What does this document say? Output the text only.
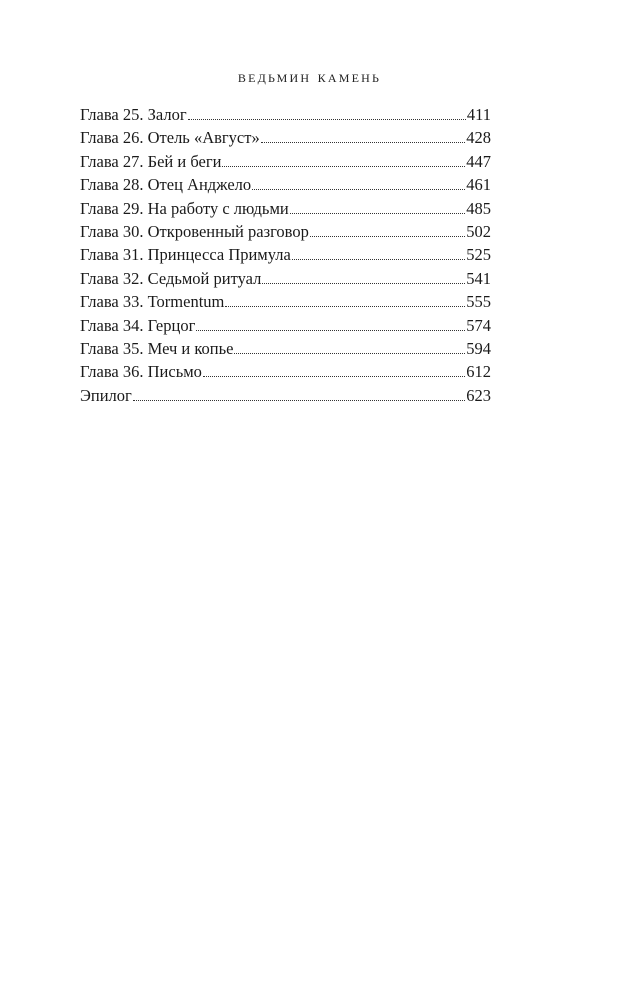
ведьмин камень
Глава 25. Залог	411
Глава 26. Отель «Август»	428
Глава 27. Бей и беги	447
Глава 28. Отец Анджело	461
Глава 29. На работу с людьми	485
Глава 30. Откровенный разговор	502
Глава 31. Принцесса Примула	525
Глава 32. Седьмой ритуал	541
Глава 33. Tormentum	555
Глава 34. Герцог	574
Глава 35. Меч и копье	594
Глава 36. Письмо	612
Эпилог	623
